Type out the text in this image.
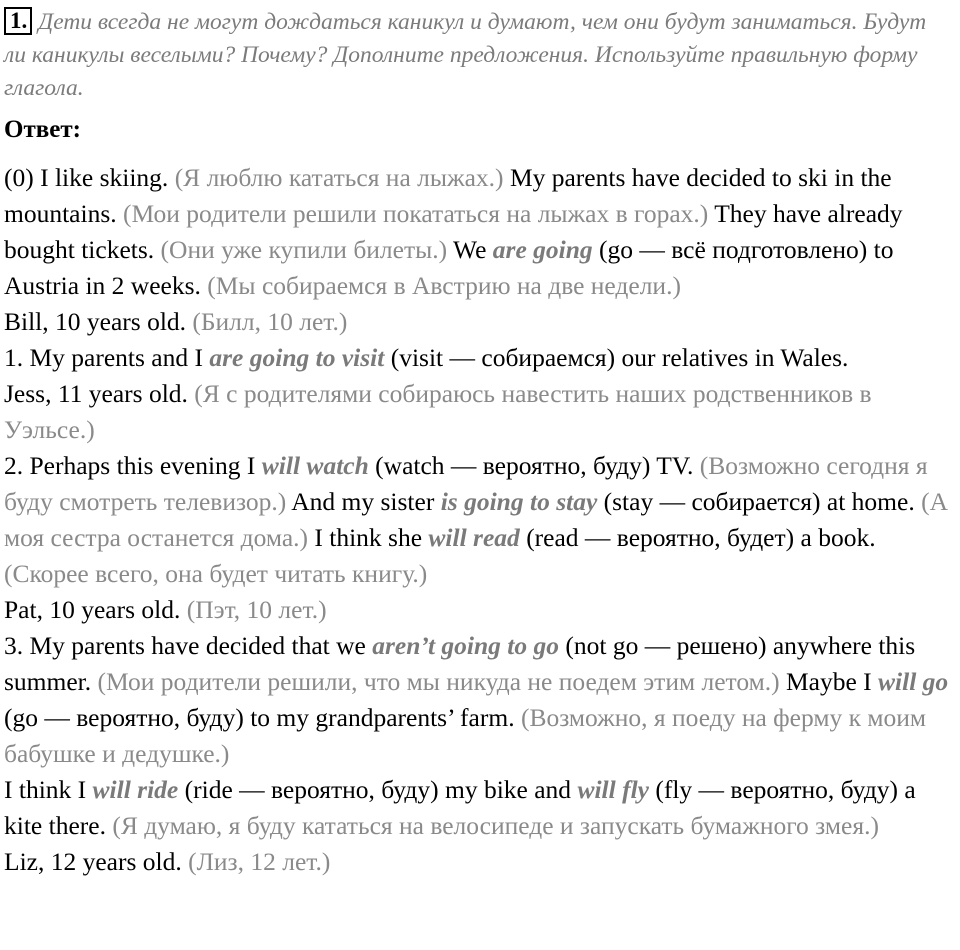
1. Дети всегда не могут дождаться каникул и думают, чем они будут заниматься. Будут ли каникулы веселыми? Почему? Дополните предложения. Используйте правильную форму глагола.

Ответ:

(0) I like skiing. (Я люблю кататься на лыжах.) My parents have decided to ski in the mountains. (Мои родители решили покататься на лыжах в горах.) They have already bought tickets. (Они уже купили билеты.) We are going (go — всё подготовлено) to Austria in 2 weeks. (Мы собираемся в Австрию на две недели.)

Bill, 10 years old. (Билл, 10 лет.)

1. My parents and I are going to visit (visit — собираемся) our relatives in Wales.

Jess, 11 years old. (Я с родителями собираюсь навестить наших родственников в Уэльсе.)

2. Perhaps this evening I will watch (watch — вероятно, буду) TV. (Возможно сегодня я буду смотреть телевизор.) And my sister is going to stay (stay — собирается) at home. (А моя сестра останется дома.) I think she will read (read — вероятно, будет) a book. (Скорее всего, она будет читать книгу.)

Pat, 10 years old. (Пэт, 10 лет.)

3. My parents have decided that we aren’t going to go (not go — решено) anywhere this summer. (Мои родители решили, что мы никуда не поедем этим летом.) Maybe I will go (go — вероятно, буду) to my grandparents’ farm. (Возможно, я поеду на ферму к моим бабушке и дедушке.)

I think I will ride (ride — вероятно, буду) my bike and will fly (fly — вероятно, буду) a kite there. (Я думаю, я буду кататься на велосипеде и запускать бумажного змея.)

Liz, 12 years old. (Лиз, 12 лет.)
